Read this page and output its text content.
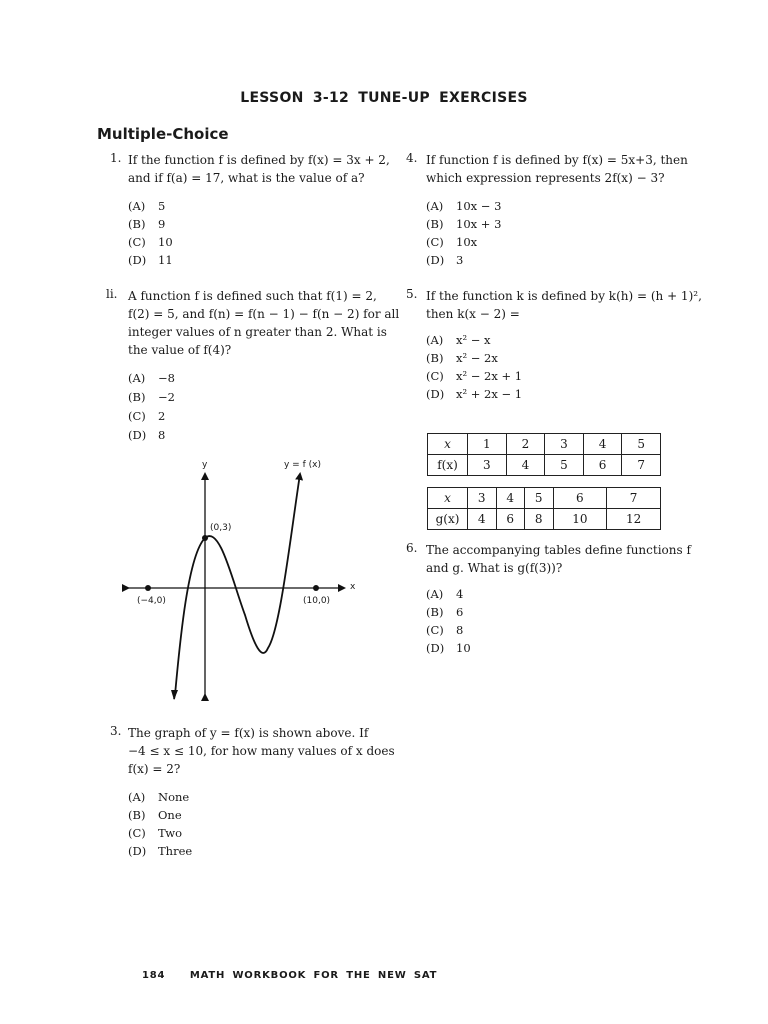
LESSON 3-12 TUNE-UP EXERCISES
Multiple-Choice
1. If the function f is defined by f(x) = 3x + 2,
and if f(a) = 17, what is the value of a?
(A) 5
(B) 9
(C) 10
(D) 11
li. A function f is defined such that f(1) = 2,
f(2) = 5, and f(n) = f(n − 1) − f(n − 2) for all
integer values of n greater than 2. What is
the value of f(4)?
(A) −8
(B) −2
(C) 2
(D) 8
y
x
y = f (x)
(0,3)
(−4,0)	(10,0)
3. The graph of y = f(x) is shown above. If
−4 ≤ x ≤ 10, for how many values of x does
f(x) = 2?
(A) None
(B) One
(C) Two
(D) Three
4. If function f is defined by f(x) = 5x+3, then
which expression represents 2f(x) − 3?
(A) 10x − 3
(B) 10x + 3
(C) 10x
(D) 3
5. If the function k is defined by k(h) = (h + 1)²,
then k(x − 2) =
(A) x² − x
(B) x² − 2x
(C) x² − 2x + 1
(D) x² + 2x − 1
x	1	2	3	4	5
f(x)	3	4	5	6	7
x	3	4	5	6	7
g(x)	4	6	8	10	12
6. The accompanying tables define functions f
and g. What is g(f(3))?
(A) 4
(B) 6
(C) 8
(D) 10
184 MATH WORKBOOK FOR THE NEW SAT
